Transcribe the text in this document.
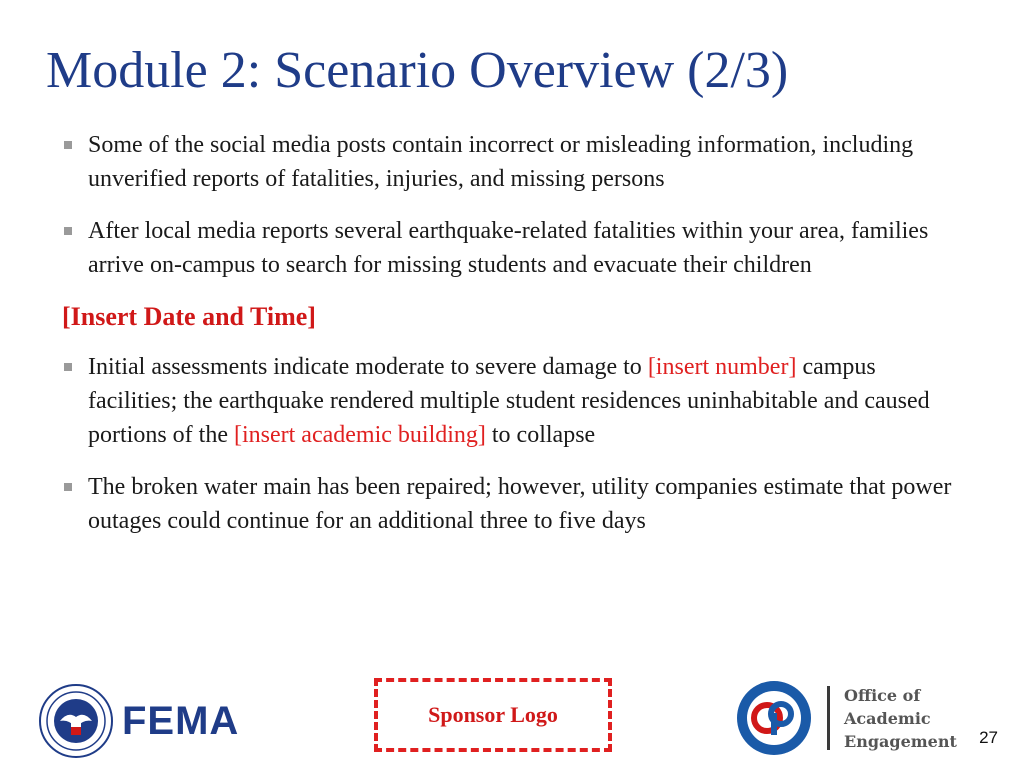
Module 2: Scenario Overview (2/3)
Some of the social media posts contain incorrect or misleading information, including unverified reports of fatalities, injuries, and missing persons
After local media reports several earthquake-related fatalities within your area, families arrive on-campus to search for missing students and evacuate their children
[Insert Date and Time]
Initial assessments indicate moderate to severe damage to [insert number] campus facilities; the earthquake rendered multiple student residences uninhabitable and caused portions of the [insert academic building] to collapse
The broken water main has been repaired; however, utility companies estimate that power outages could continue for an additional three to five days
FEMA	Sponsor Logo
Office of
Academic
Engagement 27
